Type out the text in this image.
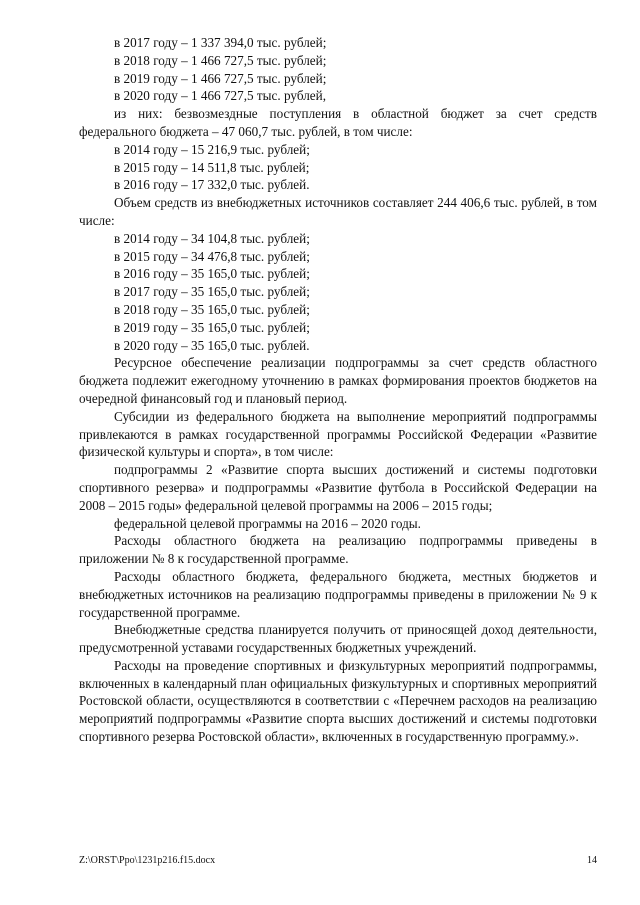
в 2017 году – 1 337 394,0 тыс. рублей;
в 2018 году – 1 466 727,5 тыс. рублей;
в 2019 году – 1 466 727,5 тыс. рублей;
в 2020 году – 1 466 727,5 тыс. рублей,

из них: безвозмездные поступления в областной бюджет за счет средств федерального бюджета – 47 060,7 тыс. рублей, в том числе:

в 2014 году – 15 216,9 тыс. рублей;
в 2015 году – 14 511,8 тыс. рублей;
в 2016 году – 17 332,0 тыс. рублей.

Объем средств из внебюджетных источников составляет 244 406,6 тыс. рублей, в том числе:

в 2014 году – 34 104,8 тыс. рублей;
в 2015 году – 34 476,8 тыс. рублей;
в 2016 году – 35 165,0 тыс. рублей;
в 2017 году – 35 165,0 тыс. рублей;
в 2018 году – 35 165,0 тыс. рублей;
в 2019 году – 35 165,0 тыс. рублей;
в 2020 году – 35 165,0 тыс. рублей.

Ресурсное обеспечение реализации подпрограммы за счет средств областного бюджета подлежит ежегодному уточнению в рамках формирования проектов бюджетов на очередной финансовый год и плановый период.

Субсидии из федерального бюджета на выполнение мероприятий подпрограммы привлекаются в рамках государственной программы Российской Федерации «Развитие физической культуры и спорта», в том числе:

подпрограммы 2 «Развитие спорта высших достижений и системы подготовки спортивного резерва» и подпрограммы «Развитие футбола в Российской Федерации на 2008 – 2015 годы» федеральной целевой программы на 2006 – 2015 годы;

федеральной целевой программы на 2016 – 2020 годы.

Расходы областного бюджета на реализацию подпрограммы приведены в приложении № 8 к государственной программе.

Расходы областного бюджета, федерального бюджета, местных бюджетов и внебюджетных источников на реализацию подпрограммы приведены в приложении № 9 к государственной программе.

Внебюджетные средства планируется получить от приносящей доход деятельности, предусмотренной уставами государственных бюджетных учреждений.

Расходы на проведение спортивных и физкультурных мероприятий подпрограммы, включенных в календарный план официальных физкультурных и спортивных мероприятий Ростовской области, осуществляются в соответствии с «Перечнем расходов на реализацию мероприятий подпрограммы «Развитие спорта высших достижений и системы подготовки спортивного резерва Ростовской области», включенных в государственную программу.».

Z:\ORST\Ppo\1231p216.f15.docx	14
